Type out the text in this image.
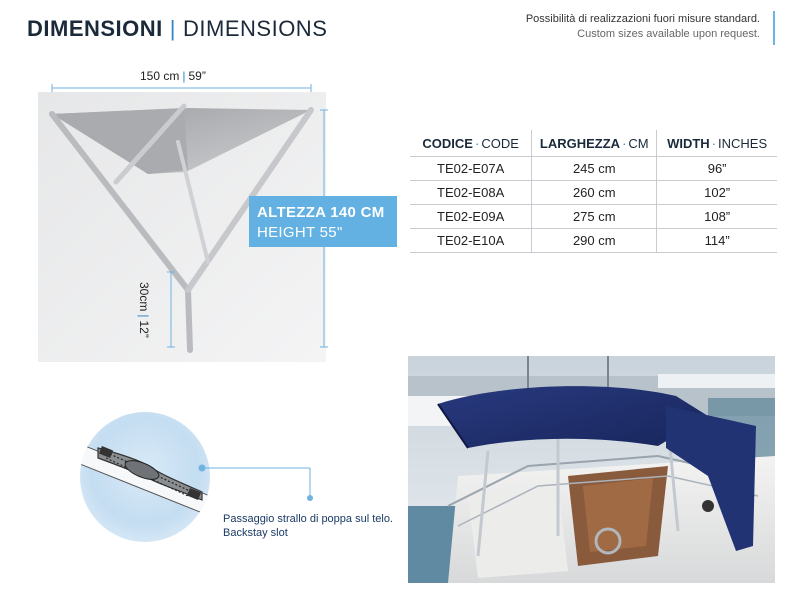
DIMENSIONI | DIMENSIONS	Possibilità di realizzazioni fuori misure standard.
Custom sizes available upon request.
150 cm | 59”
30cm|12”
ALTEZZA 140 CM
HEIGHT 55"
CODICE · CODE	LARGHEZZA · CM	WIDTH · INCHES
TE02-E07A	245 cm	96”
TE02-E08A	260 cm	102”
TE02-E09A	275 cm	108”
TE02-E10A	290 cm	114”
Passaggio strallo di poppa sul telo.
Backstay slot
